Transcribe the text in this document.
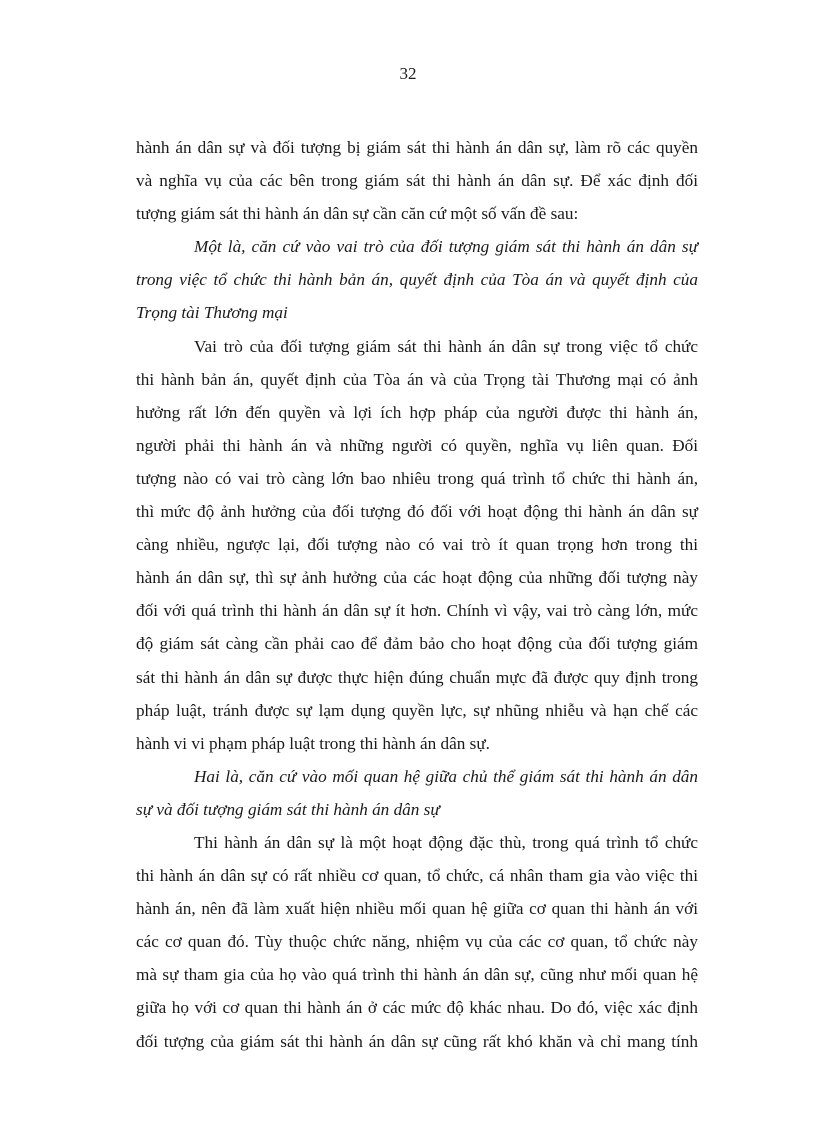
32
hành án dân sự và đối tượng bị giám sát thi hành án dân sự, làm rõ các quyền
và nghĩa vụ của các bên trong giám sát thi hành án dân sự. Để xác định đối
tượng giám sát thi hành án dân sự cần căn cứ một số vấn đề sau:
Một là, căn cứ vào vai trò của đối tượng giám sát thi hành án dân sự
trong việc tổ chức thi hành bản án, quyết định của Tòa án và quyết định của
Trọng tài Thương mại
Vai trò của đối tượng giám sát thi hành án dân sự trong việc tổ chức
thi hành bản án, quyết định của Tòa án và của Trọng tài Thương mại có ảnh
hưởng rất lớn đến quyền và lợi ích hợp pháp của người được thi hành án,
người phải thi hành án và những người có quyền, nghĩa vụ liên quan. Đối
tượng nào có vai trò càng lớn bao nhiêu trong quá trình tổ chức thi hành án,
thì mức độ ảnh hưởng của đối tượng đó đối với hoạt động thi hành án dân sự
càng nhiều, ngược lại, đối tượng nào có vai trò ít quan trọng hơn trong thi
hành án dân sự, thì sự ảnh hưởng của các hoạt động của những đối tượng này
đối với quá trình thi hành án dân sự ít hơn. Chính vì vậy, vai trò càng lớn, mức
độ giám sát càng cần phải cao để đảm bảo cho hoạt động của đối tượng giám
sát thi hành án dân sự được thực hiện đúng chuẩn mực đã được quy định trong
pháp luật, tránh được sự lạm dụng quyền lực, sự nhũng nhiễu và hạn chế các
hành vi vi phạm pháp luật trong thi hành án dân sự.
Hai là, căn cứ vào mối quan hệ giữa chủ thể giám sát thi hành án dân
sự và đối tượng giám sát thi hành án dân sự
Thi hành án dân sự là một hoạt động đặc thù, trong quá trình tổ chức
thi hành án dân sự có rất nhiều cơ quan, tổ chức, cá nhân tham gia vào việc thi
hành án, nên đã làm xuất hiện nhiều mối quan hệ giữa cơ quan thi hành án với
các cơ quan đó. Tùy thuộc chức năng, nhiệm vụ của các cơ quan, tổ chức này
mà sự tham gia của họ vào quá trình thi hành án dân sự, cũng như mối quan hệ
giữa họ với cơ quan thi hành án ở các mức độ khác nhau. Do đó, việc xác định
đối tượng của giám sát thi hành án dân sự cũng rất khó khăn và chỉ mang tính
